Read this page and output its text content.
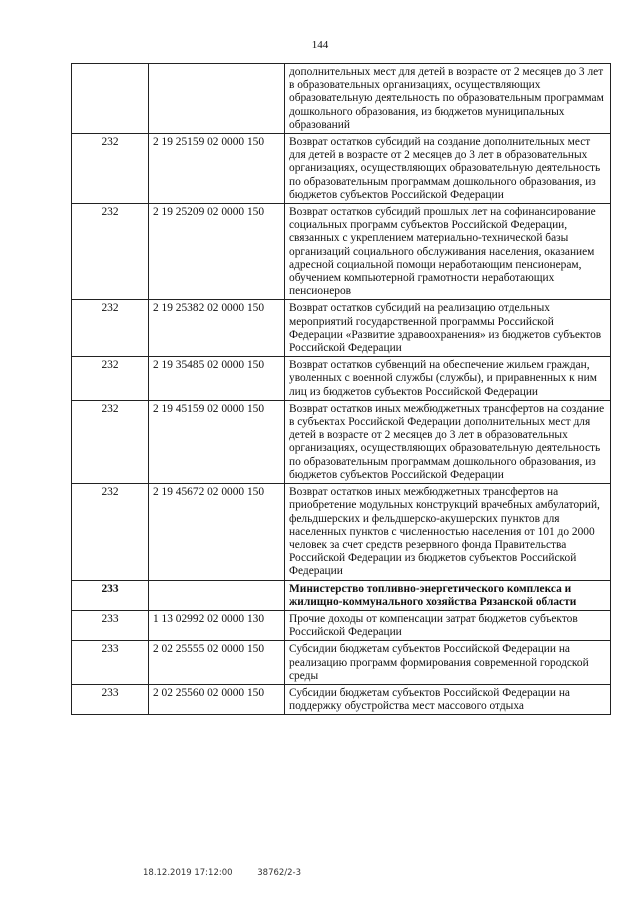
144
		дополнительных мест для детей в возрасте от 2 месяцев до 3 лет в образовательных организациях, осуществляющих образовательную деятельность по образовательным программам дошкольного образования, из бюджетов муниципальных образований
232	2 19 25159 02 0000 150	Возврат остатков субсидий на создание дополнительных мест для детей в возрасте от 2 месяцев до 3 лет в образовательных организациях, осуществляющих образовательную деятельность по образовательным программам дошкольного образования, из бюджетов субъектов Российской Федерации
232	2 19 25209 02 0000 150	Возврат остатков субсидий прошлых лет на софинансирование социальных программ субъектов Российской Федерации, связанных с укреплением материально-технической базы организаций социального обслуживания населения, оказанием адресной социальной помощи неработающим пенсионерам, обучением компьютерной грамотности неработающих пенсионеров
232	2 19 25382 02 0000 150	Возврат остатков субсидий на реализацию отдельных мероприятий государственной программы Российской Федерации «Развитие здравоохранения» из бюджетов субъектов Российской Федерации
232	2 19 35485 02 0000 150	Возврат остатков субвенций на обеспечение жильем граждан, уволенных с военной службы (службы), и приравненных к ним лиц из бюджетов субъектов Российской Федерации
232	2 19 45159 02 0000 150	Возврат остатков иных межбюджетных трансфертов на создание в субъектах Российской Федерации дополнительных мест для детей в возрасте от 2 месяцев до 3 лет в образовательных организациях, осуществляющих образовательную деятельность по образовательным программам дошкольного образования, из бюджетов субъектов Российской Федерации
232	2 19 45672 02 0000 150	Возврат остатков иных межбюджетных трансфертов на приобретение модульных конструкций врачебных амбулаторий, фельдшерских и фельдшерско-акушерских пунктов для населенных пунктов с численностью населения от 101 до 2000 человек за счет средств резервного фонда Правительства Российской Федерации из бюджетов субъектов Российской Федерации
233		Министерство топливно-энергетического комплекса и жилищно-коммунального хозяйства Рязанской области
233	1 13 02992 02 0000 130	Прочие доходы от компенсации затрат бюджетов субъектов Российской Федерации
233	2 02 25555 02 0000 150	Субсидии бюджетам субъектов Российской Федерации на реализацию программ формирования современной городской среды
233	2 02 25560 02 0000 150	Субсидии бюджетам субъектов Российской Федерации на поддержку обустройства мест массового отдыха
18.12.2019 17:12:00	38762/2-3
